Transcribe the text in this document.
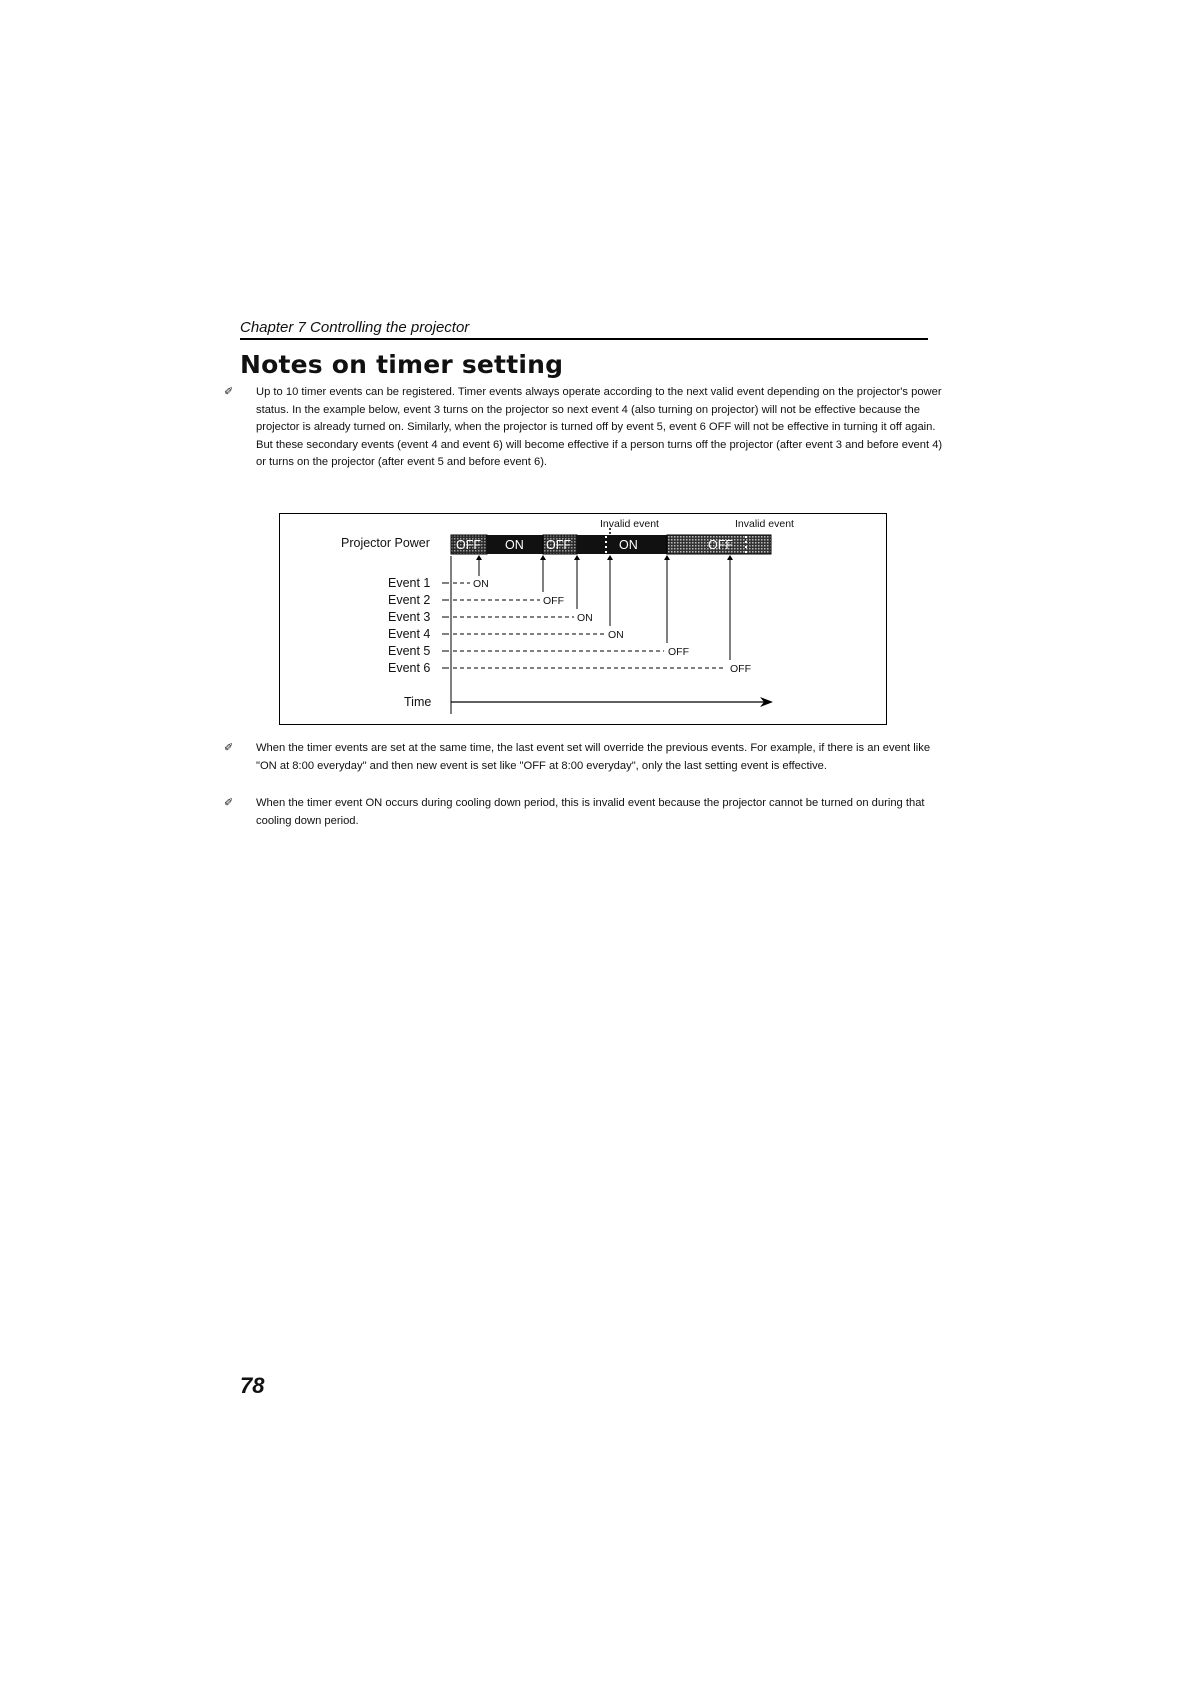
Chapter 7 Controlling the projector
Notes on timer setting
✐ Up to 10 timer events can be registered. Timer events always operate according to the next valid event depending on the projector's power status. In the example below, event 3 turns on the projector so next event 4 (also turning on projector) will not be effective because the projector is already turned on. Similarly, when the projector is turned off by event 5, event 6 OFF will not be effective in turning it off again. But these secondary events (event 4 and event 6) will become effective if a person turns off the projector (after event 3 and before event 4) or turns on the projector (after event 5 and before event 6).
Invalid event	Invalid event
Projector Power OFF ON OFF	ON	OFF
Event 1	ON
Event 2	OFF
Event 3	ON
Event 4	ON
Event 5	OFF
Event 6	OFF
Time
✐ When the timer events are set at the same time, the last event set will override the previous events. For example, if there is an event like "ON at 8:00 everyday" and then new event is set like "OFF at 8:00 everyday", only the last setting event is effective.
✐ When the timer event ON occurs during cooling down period, this is invalid event because the projector cannot be turned on during that cooling down period.
78
